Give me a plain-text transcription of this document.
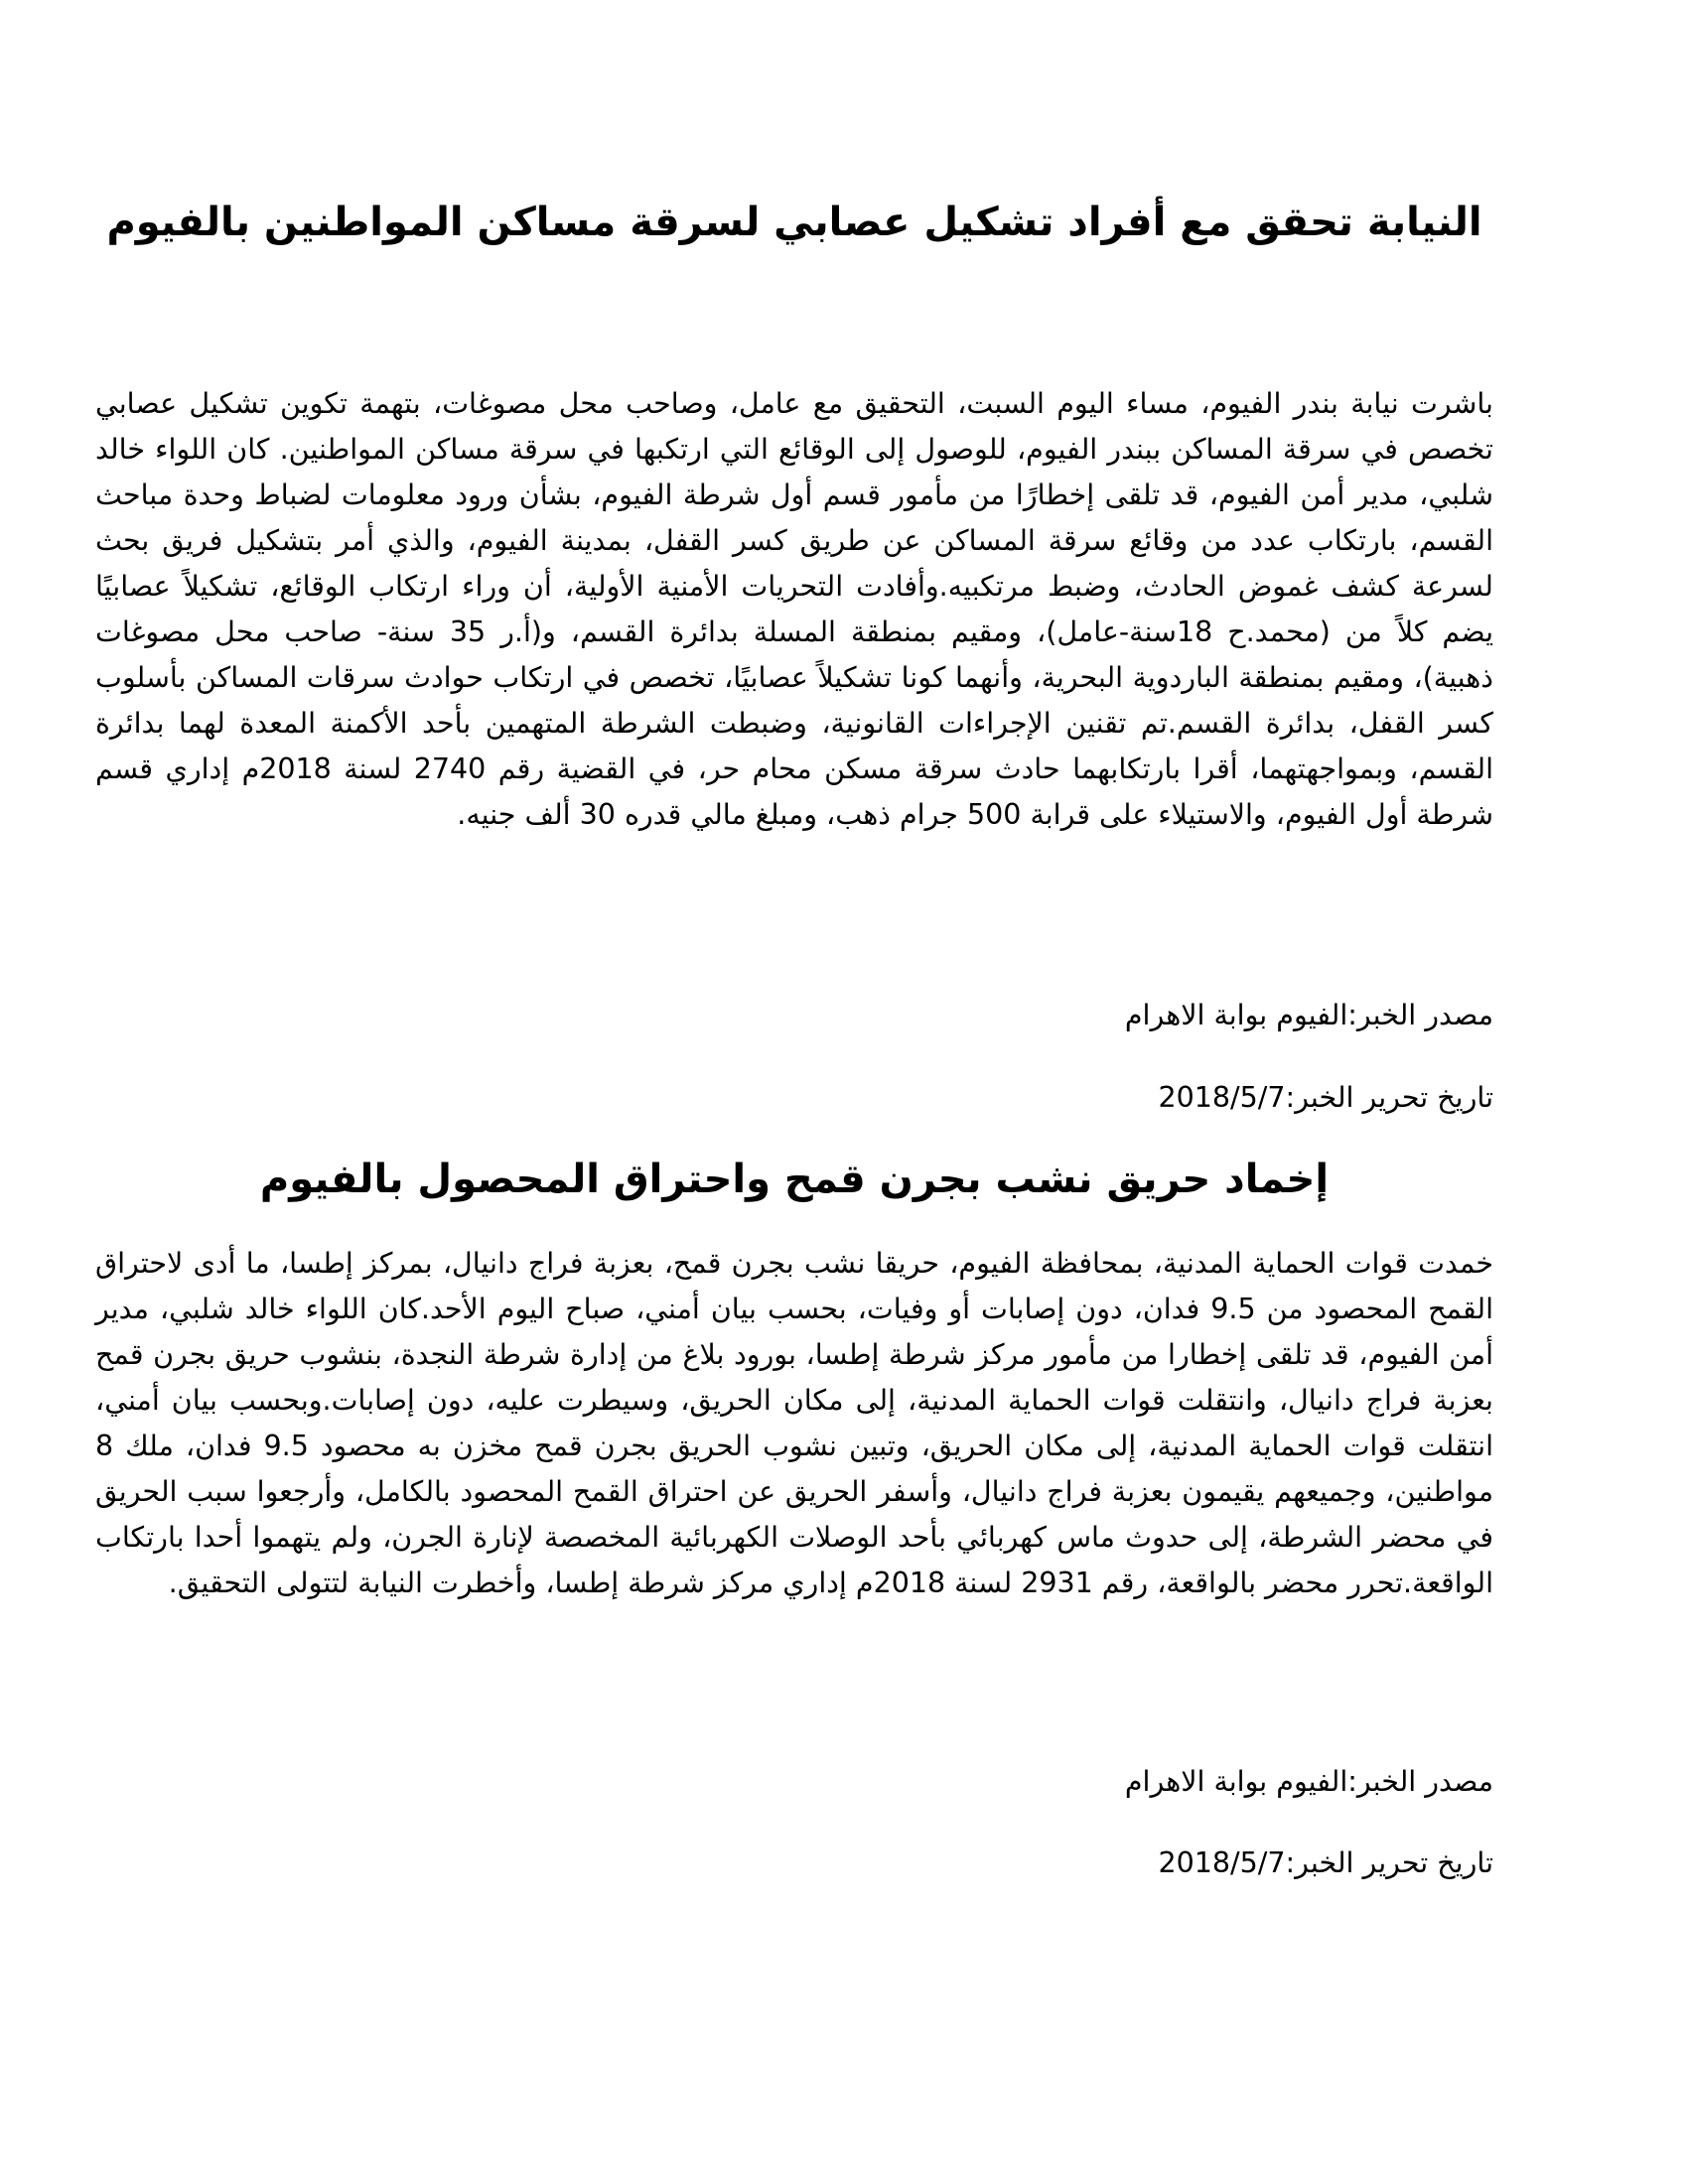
النيابة تحقق مع أفراد تشكيل عصابي لسرقة مساكن المواطنين بالفيوم

باشرت نيابة بندر الفيوم، مساء اليوم السبت، التحقيق مع عامل، وصاحب محل مصوغات، بتهمة تكوين تشكيل عصابي تخصص في سرقة المساكن ببندر الفيوم، للوصول إلى الوقائع التي ارتكبها في سرقة مساكن المواطنين. كان اللواء خالد شلبي، مدير أمن الفيوم، قد تلقى إخطارًا من مأمور قسم أول شرطة الفيوم، بشأن ورود معلومات لضباط وحدة مباحث القسم، بارتكاب عدد من وقائع سرقة المساكن عن طريق كسر القفل، بمدينة الفيوم، والذي أمر بتشكيل فريق بحث لسرعة كشف غموض الحادث، وضبط مرتكبيه.وأفادت التحريات الأمنية الأولية، أن وراء ارتكاب الوقائع، تشكيلاً عصابيًا يضم كلاً من (محمد.ح 18سنة-عامل)، ومقيم بمنطقة المسلة بدائرة القسم، و(أ.ر 35 سنة- صاحب محل مصوغات ذهبية)، ومقيم بمنطقة الباردوية البحرية، وأنهما كونا تشكيلاً عصابيًا، تخصص في ارتكاب حوادث سرقات المساكن بأسلوب كسر القفل، بدائرة القسم.تم تقنين الإجراءات القانونية، وضبطت الشرطة المتهمين بأحد الأكمنة المعدة لهما بدائرة القسم، وبمواجهتهما، أقرا بارتكابهما حادث سرقة مسكن محام حر، في القضية رقم 2740 لسنة 2018م إداري قسم شرطة أول الفيوم، والاستيلاء على قرابة 500 جرام ذهب، ومبلغ مالي قدره 30 ألف جنيه.

مصدر الخبر:الفيوم بوابة الاهرام

تاريخ تحرير الخبر:2018/5/7

إخماد حريق نشب بجرن قمح واحتراق المحصول بالفيوم

خمدت قوات الحماية المدنية، بمحافظة الفيوم، حريقا نشب بجرن قمح، بعزبة فراج دانيال، بمركز إطسا، ما أدى لاحتراق القمح المحصود من 9.5 فدان، دون إصابات أو وفيات، بحسب بيان أمني، صباح اليوم الأحد.كان اللواء خالد شلبي، مدير أمن الفيوم، قد تلقى إخطارا من مأمور مركز شرطة إطسا، بورود بلاغ من إدارة شرطة النجدة، بنشوب حريق بجرن قمح بعزبة فراج دانيال، وانتقلت قوات الحماية المدنية، إلى مكان الحريق، وسيطرت عليه، دون إصابات.وبحسب بيان أمني، انتقلت قوات الحماية المدنية، إلى مكان الحريق، وتبين نشوب الحريق بجرن قمح مخزن به محصود 9.5 فدان، ملك 8 مواطنين، وجميعهم يقيمون بعزبة فراج دانيال، وأسفر الحريق عن احتراق القمح المحصود بالكامل، وأرجعوا سبب الحريق في محضر الشرطة، إلى حدوث ماس كهربائي بأحد الوصلات الكهربائية المخصصة لإنارة الجرن، ولم يتهموا أحدا بارتكاب الواقعة.تحرر محضر بالواقعة، رقم 2931 لسنة 2018م إداري مركز شرطة إطسا، وأخطرت النيابة لتتولى التحقيق.

مصدر الخبر:الفيوم بوابة الاهرام

تاريخ تحرير الخبر:2018/5/7
